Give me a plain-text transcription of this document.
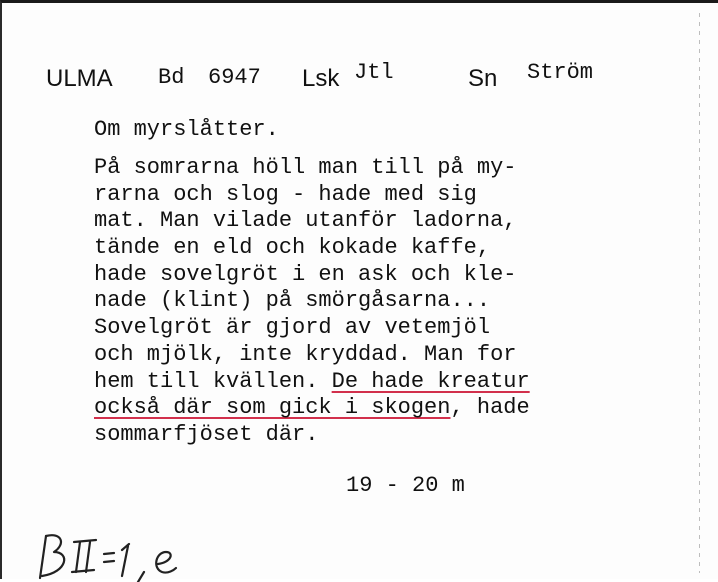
ULMA Bd 6947 Lsk Jtl	Sn Ström
Om myrslåtter.
På somrarna höll man till på my-
rarna och slog - hade med sig
mat. Man vilade utanför ladorna,
tände en eld och kokade kaffe,
hade sovelgröt i en ask och kle-
nade (klint) på smörgåsarna...
Sovelgröt är gjord av vetemjöl
och mjölk, inte kryddad. Man for
hem till kvällen. De hade kreatur
också där som gick i skogen, hade
sommarfjöset där.
19 - 20 m
